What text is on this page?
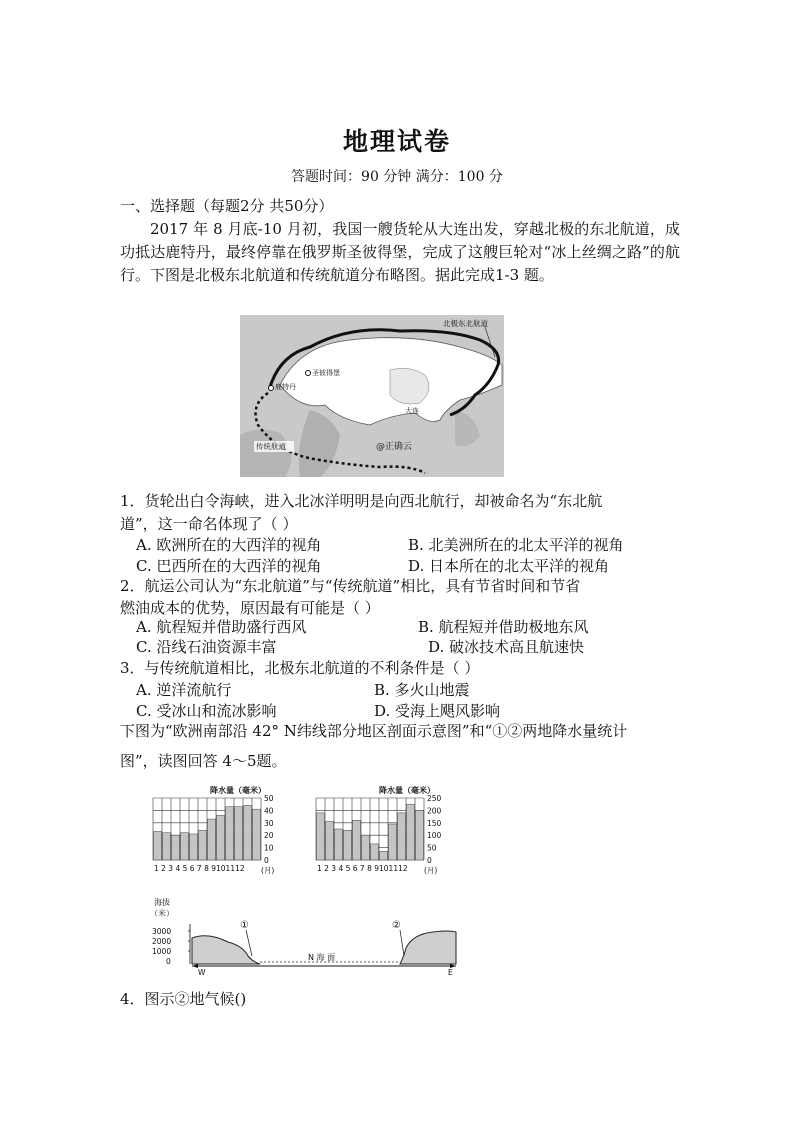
地理试卷
答题时间：90 分钟 满分：100 分
一、选择题（每题2分 共50分）
2017 年 8 月底-10 月初，我国一艘货轮从大连出发，穿越北极的东北航道，成功抵达鹿特丹，最终停靠在俄罗斯圣彼得堡，完成了这艘巨轮对“冰上丝绸之路”的航行。下图是北极东北航道和传统航道分布略图。据此完成1-3 题。
北极东北航道
圣彼得堡
鹿特丹
大连
传统航道	@正确云
1．货轮出白令海峡，进入北冰洋明明是向西北航行，却被命名为“东北航
道”，这一命名体现了（ ）
A. 欧洲所在的大西洋的视角	B. 北美洲所在的北太平洋的视角
C. 巴西所在的大西洋的视角	D. 日本所在的北太平洋的视角
2．航运公司认为“东北航道”与“传统航道”相比，具有节省时间和节省
燃油成本的优势，原因最有可能是（ ）
A. 航程短并借助盛行西风	B. 航程短并借助极地东风
C. 沿线石油资源丰富	D. 破冰技术高且航速快
3．与传统航道相比，北极东北航道的不利条件是（ ）
A. 逆洋流航行	B. 多火山地震
C. 受冰山和流冰影响	D. 受海上飓风影响
下图为“欧洲南部沿 42° N纬线部分地区剖面示意图”和“①②两地降水量统计
图”，读图回答 4～5题。
降水量（毫米）
0
10
20
30
40
50
1 2 3 4 5 6 7 8 9101112 (月)
降水量（毫米）
0
50
100
150
200
250
1 2 3 4 5 6 7 8 9101112 (月)
海拔
（米）
3000
2000
1000
0
①	②
N 海 面
W	E
4．图示②地气候()
